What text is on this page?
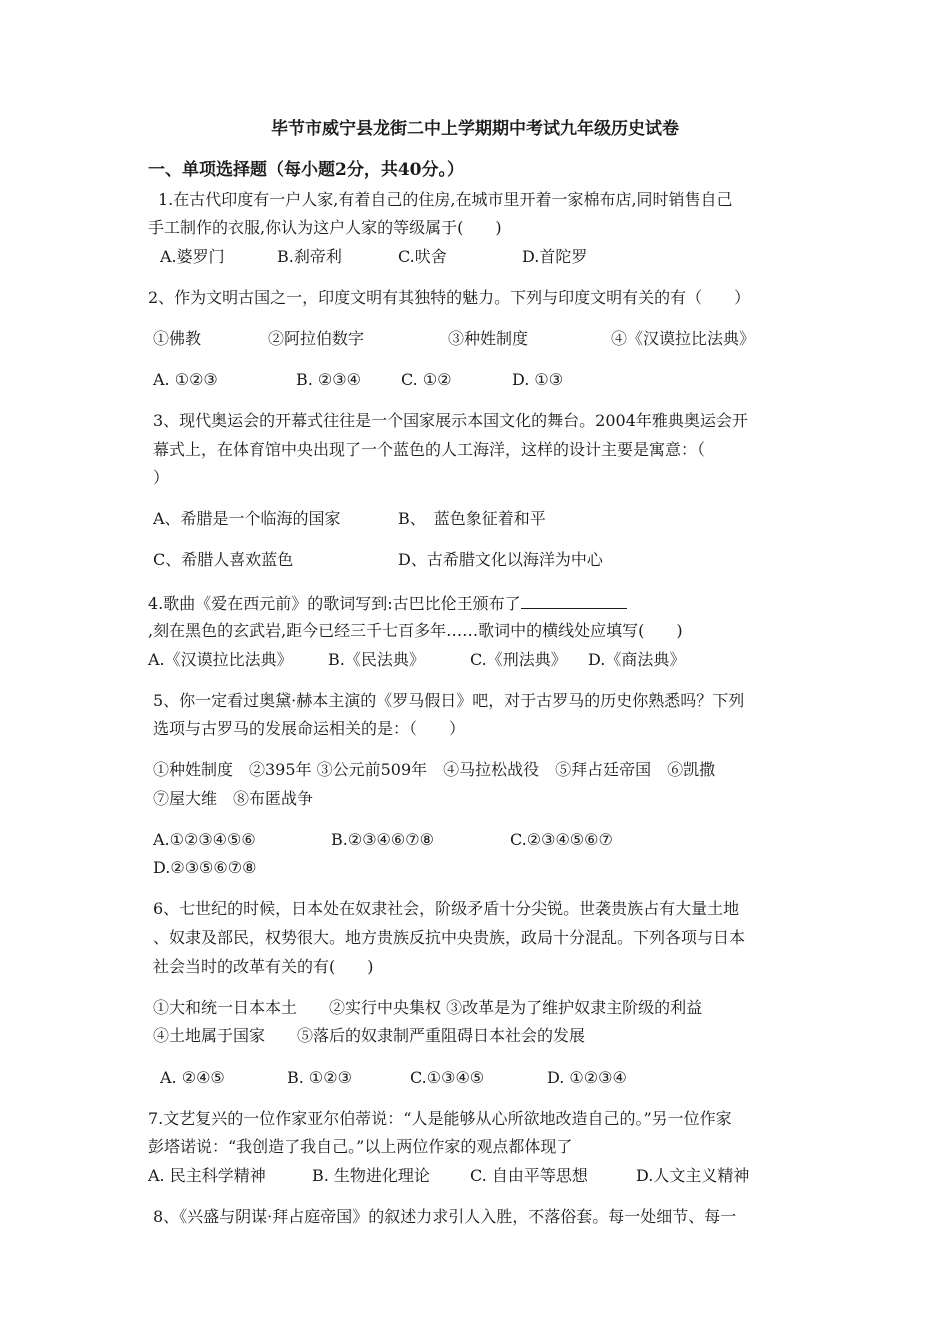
毕节市威宁县龙街二中上学期期中考试九年级历史试卷
一、单项选择题（每小题2分，共40分。）
1.在古代印度有一户人家,有着自己的住房,在城市里开着一家棉布店,同时销售自己
手工制作的衣服,你认为这户人家的等级属于(　　)
A.婆罗门	B.刹帝利	C.吠舍	D.首陀罗
2、作为文明古国之一，印度文明有其独特的魅力。下列与印度文明有关的有（　　）
①佛教	②阿拉伯数字	③种姓制度	④《汉谟拉比法典》
A. ①②③	B. ②③④	C. ①②	D. ①③
3、现代奥运会的开幕式往往是一个国家展示本国文化的舞台。2004年雅典奥运会开
幕式上，在体育馆中央出现了一个蓝色的人工海洋，这样的设计主要是寓意：（
）
A、希腊是一个临海的国家	B、　蓝色象征着和平
C、希腊人喜欢蓝色	D、古希腊文化以海洋为中心
4.歌曲《爱在西元前》的歌词写到:古巴比伦王颁布了
,刻在黑色的玄武岩,距今已经三千七百多年……歌词中的横线处应填写(　　)
A.《汉谟拉比法典》 B.《民法典》	C.《刑法典》 D.《商法典》
5、你一定看过奥黛·赫本主演的《罗马假日》吧，对于古罗马的历史你熟悉吗？下列
选项与古罗马的发展命运相关的是：（　　）
①种姓制度　②395年 ③公元前509年　④马拉松战役　⑤拜占廷帝国　⑥凯撒
⑦屋大维　⑧布匿战争
A.①②③④⑤⑥	B.②③④⑥⑦⑧	C.②③④⑤⑥⑦
D.②③⑤⑥⑦⑧
6、七世纪的时候，日本处在奴隶社会，阶级矛盾十分尖锐。世袭贵族占有大量土地
、奴隶及部民，权势很大。地方贵族反抗中央贵族，政局十分混乱。下列各项与日本
社会当时的改革有关的有(　　)
①大和统一日本本土　　②实行中央集权 ③改革是为了维护奴隶主阶级的利益
④土地属于国家　　⑤落后的奴隶制严重阻碍日本社会的发展
A. ②④⑤	B. ①②③	C.①③④⑤	D. ①②③④
7.文艺复兴的一位作家亚尔伯蒂说：“人是能够从心所欲地改造自己的。”另一位作家
彭塔诺说：“我创造了我自己。”以上两位作家的观点都体现了
A. 民主科学精神	B. 生物进化理论	C. 自由平等思想	D.人文主义精神
8、《兴盛与阴谋·拜占庭帝国》的叙述力求引人入胜，不落俗套。每一处细节、每一
